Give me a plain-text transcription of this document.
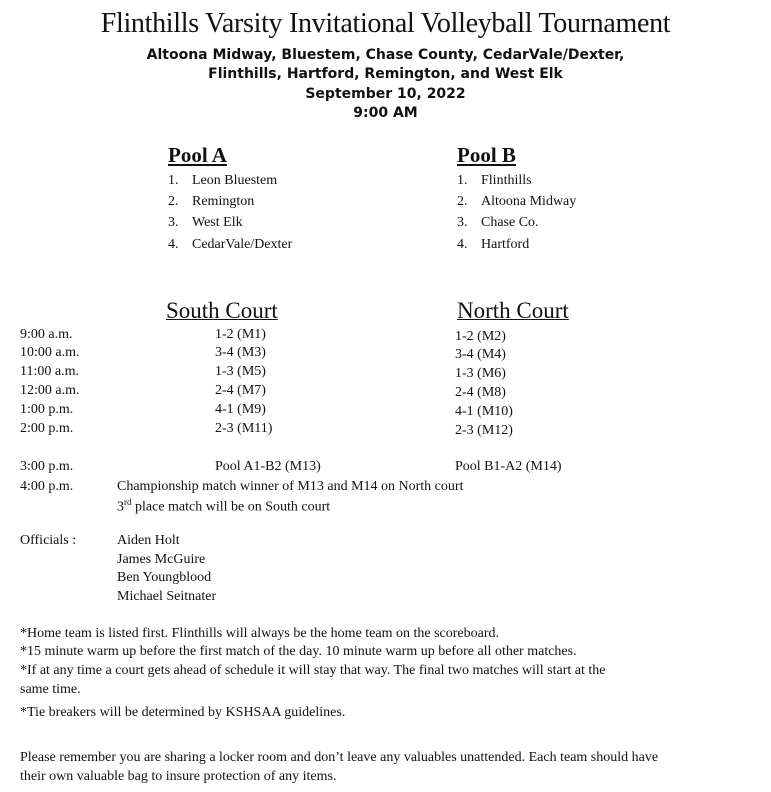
Flinthills Varsity Invitational Volleyball Tournament
Altoona Midway, Bluestem, Chase County, CedarVale/Dexter,
Flinthills, Hartford, Remington, and West Elk
September 10, 2022
9:00 AM
Pool A
1. Leon Bluestem
2. Remington
3. West Elk
4. CedarVale/Dexter
Pool B
1. Flinthills
2. Altoona Midway
3. Chase Co.
4. Hartford
South Court	North Court
9:00 a.m.	1-2 (M1)	1-2 (M2)
10:00 a.m.	3-4 (M3)	3-4 (M4)
11:00 a.m.	1-3 (M5)	1-3 (M6)
12:00 a.m.	2-4 (M7)	2-4 (M8)
1:00 p.m.	4-1 (M9)	4-1 (M10)
2:00 p.m.	2-3 (M11)	2-3 (M12)
3:00 p.m.	Pool A1-B2 (M13)	Pool B1-A2 (M14)
4:00 p.m.	Championship match winner of M13 and M14 on North court
3rd place match will be on South court
Officials :	Aiden Holt
James McGuire
Ben Youngblood
Michael Seitnater
*Home team is listed first. Flinthills will always be the home team on the scoreboard.
*15 minute warm up before the first match of the day. 10 minute warm up before all other matches.
*If at any time a court gets ahead of schedule it will stay that way. The final two matches will start at the
same time.
*Tie breakers will be determined by KSHSAA guidelines.
Please remember you are sharing a locker room and don’t leave any valuables unattended. Each team should have
their own valuable bag to insure protection of any items.
